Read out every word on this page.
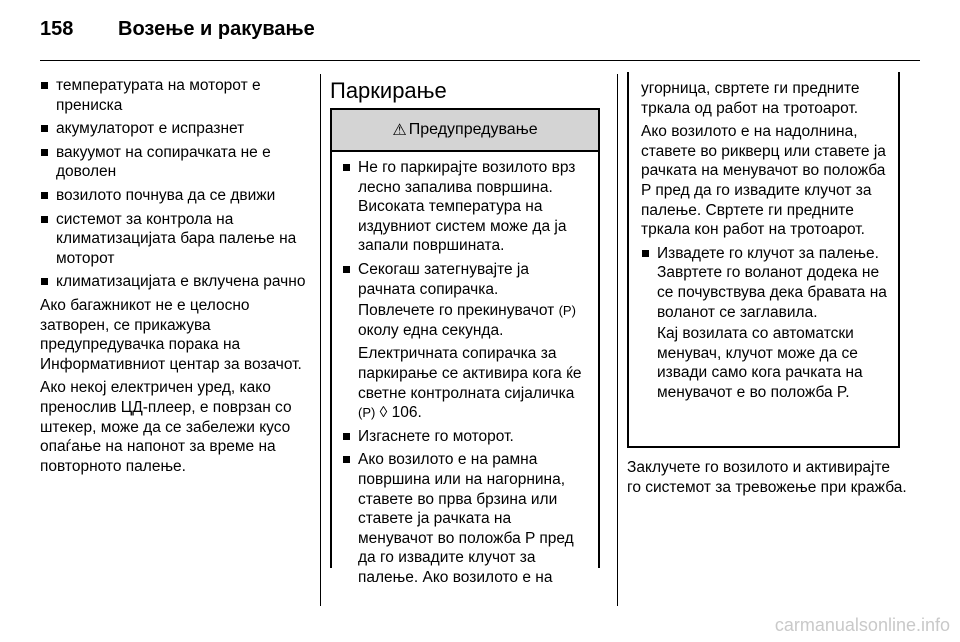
158 Возење и ракување
температурата на моторот е прениска
акумулаторот е испразнет
вакуумот на сопирачката не е доволен
возилото почнува да се движи
системот за контрола на климатизацијата бара палење на моторот
климатизацијата е вклучена рачно

Ако багажникот не е целосно затворен, се прикажува предупредувачка порака на Информативниот центар за возачот.

Ако некој електричен уред, како пренослив ЦД-плеер, е поврзан со штекер, може да се забележи кусо опаѓање на напонот за време на повторното палење.

Паркирање
⚠ Предупредување
Не го паркирајте возилото врз лесно запалива површина. Високата температура на издувниот систем може да ја запали површината.
Секогаш затегнувајте ја рачната сопирачка.
Повлечете го прекинувачот (P) околу една секунда.
Електричната сопирачка за паркирање се активира кога ќе светне контролната сијаличка (P) ◊ 106.
Изгаснете го моторот.
Ако возилото е на рамна површина или на нагорнина, ставете во прва брзина или ставете ја рачката на менувачот во положба P пред да го извадите клучот за палење. Ако возилото е на

угорница, свртете ги предните тркала од работ на тротоарот.

Ако возилото е на надолнина, ставете во рикверц или ставете ја рачката на менувачот во положба P пред да го извадите клучот за палење. Свртете ги предните тркала кон работ на тротоарот.

Извадете го клучот за палење. Завртете го воланот додека не се почувствува дека бравата на воланот се заглавила.
Кај возилата со автоматски менувач, клучот може да се извади само кога рачката на менувачот е во положба P.

Заклучете го возилото и активирајте го системот за тревожење при кражба.

carmanualsonline.info
